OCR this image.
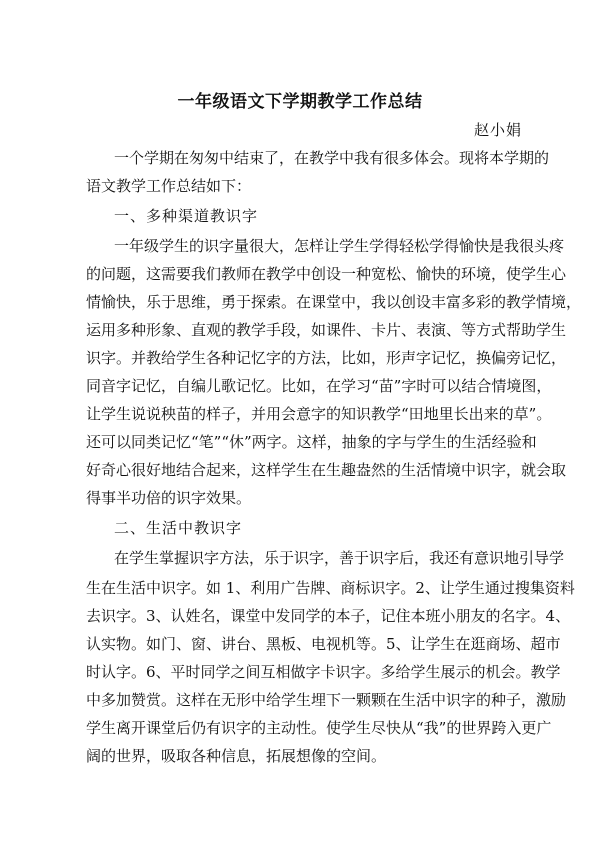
一年级语文下学期教学工作总结
赵小娟
一个学期在匆匆中结束了，在教学中我有很多体会。现将本学期的
语文教学工作总结如下：
一、多种渠道教识字
一年级学生的识字量很大，怎样让学生学得轻松学得愉快是我很头疼
的问题，这需要我们教师在教学中创设一种宽松、愉快的环境，使学生心
情愉快，乐于思维，勇于探索。在课堂中，我以创设丰富多彩的教学情境，
运用多种形象、直观的教学手段，如课件、卡片、表演、等方式帮助学生
识字。并教给学生各种记忆字的方法，比如，形声字记忆，换偏旁记忆，
同音字记忆，自编儿歌记忆。比如，在学习“苗”字时可以结合情境图，
让学生说说秧苗的样子，并用会意字的知识教学“田地里长出来的草”。
还可以同类记忆“笔”“休”两字。这样，抽象的字与学生的生活经验和
好奇心很好地结合起来，这样学生在生趣盎然的生活情境中识字，就会取
得事半功倍的识字效果。
二、生活中教识字
在学生掌握识字方法，乐于识字，善于识字后，我还有意识地引导学
生在生活中识字。如 1、利用广告牌、商标识字。2、让学生通过搜集资料
去识字。3、认姓名，课堂中发同学的本子，记住本班小朋友的名字。4、
认实物。如门、窗、讲台、黑板、电视机等。5、让学生在逛商场、超市
时认字。6、平时同学之间互相做字卡识字。多给学生展示的机会。教学
中多加赞赏。这样在无形中给学生埋下一颗颗在生活中识字的种子，激励
学生离开课堂后仍有识字的主动性。使学生尽快从“我”的世界跨入更广
阔的世界，吸取各种信息，拓展想像的空间。
